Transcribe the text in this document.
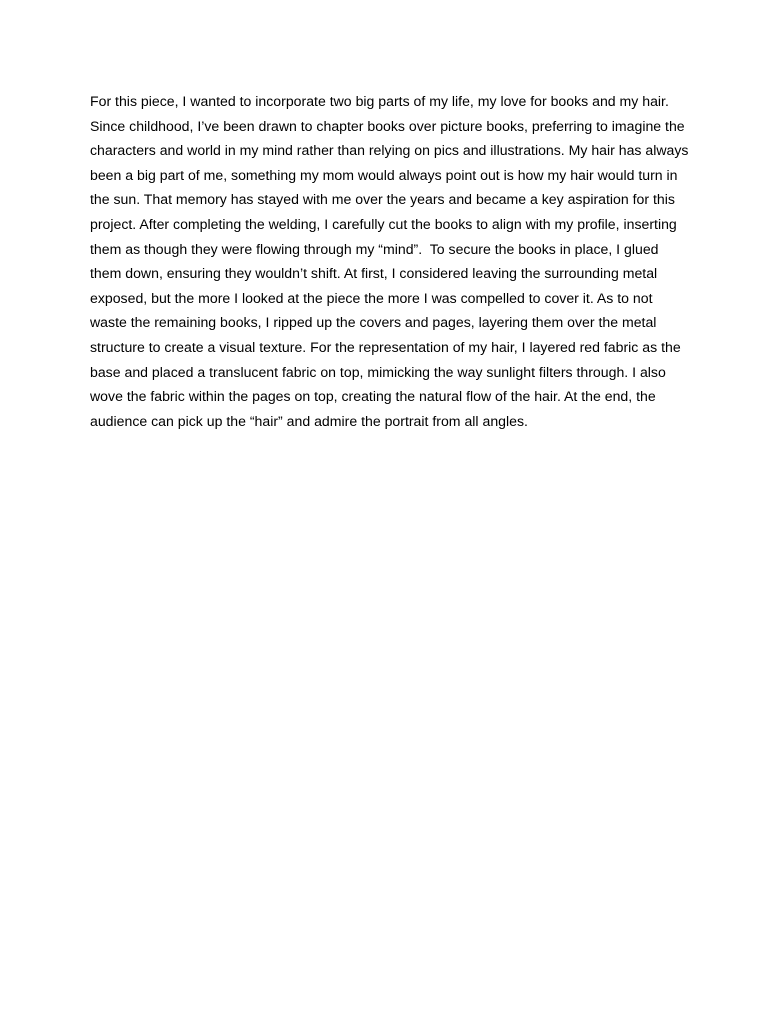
For this piece, I wanted to incorporate two big parts of my life, my love for books and my hair.
Since childhood, I’ve been drawn to chapter books over picture books, preferring to imagine the
characters and world in my mind rather than relying on pics and illustrations. My hair has always
been a big part of me, something my mom would always point out is how my hair would turn in
the sun. That memory has stayed with me over the years and became a key aspiration for this
project. After completing the welding, I carefully cut the books to align with my profile, inserting
them as though they were flowing through my “mind”.  To secure the books in place, I glued
them down, ensuring they wouldn’t shift. At first, I considered leaving the surrounding metal
exposed, but the more I looked at the piece the more I was compelled to cover it. As to not
waste the remaining books, I ripped up the covers and pages, layering them over the metal
structure to create a visual texture. For the representation of my hair, I layered red fabric as the
base and placed a translucent fabric on top, mimicking the way sunlight filters through. I also
wove the fabric within the pages on top, creating the natural flow of the hair. At the end, the
audience can pick up the “hair” and admire the portrait from all angles.
